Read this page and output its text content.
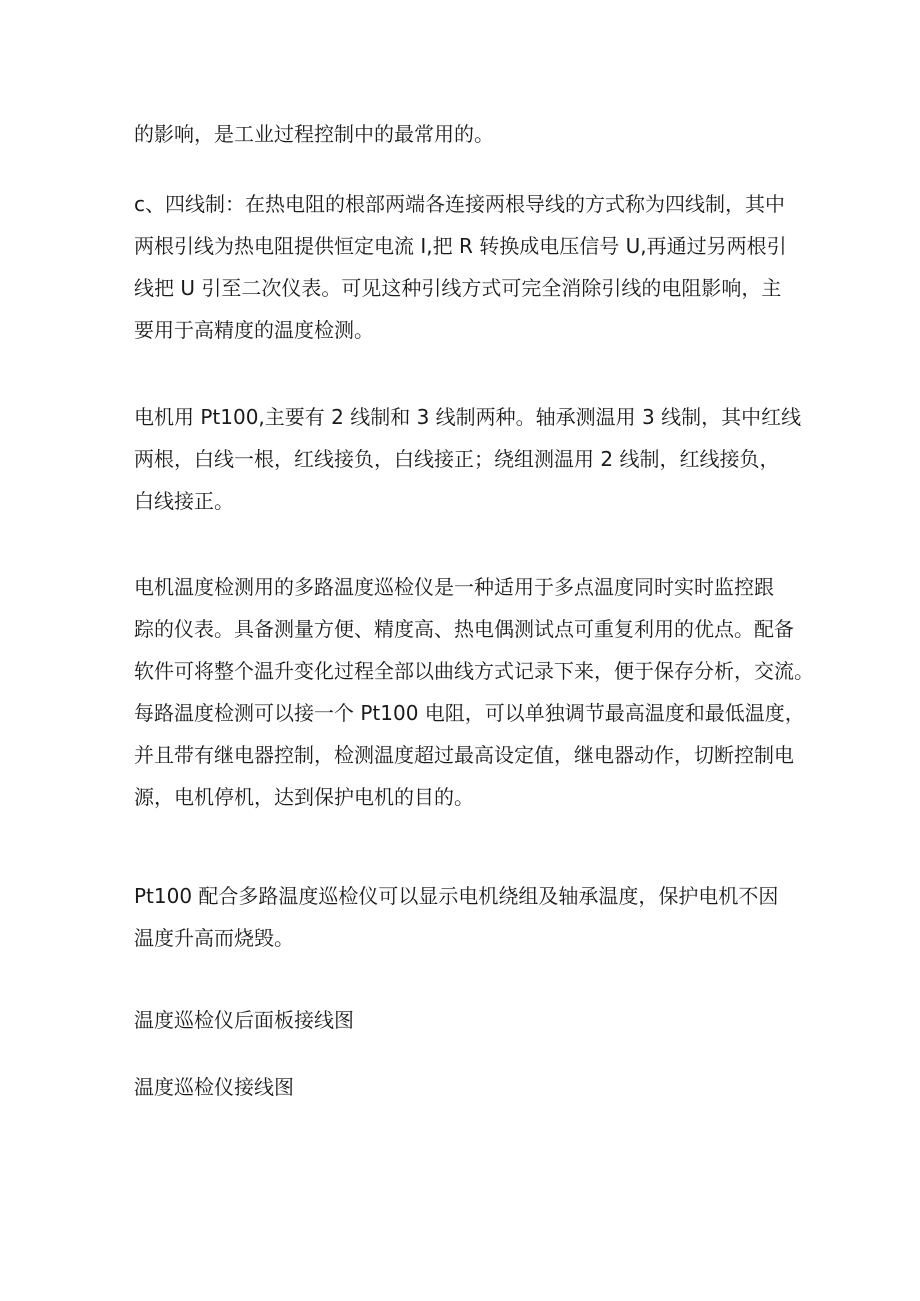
的影响，是工业过程控制中的最常用的。
c、四线制：在热电阻的根部两端各连接两根导线的方式称为四线制，其中
两根引线为热电阻提供恒定电流 I,把 R 转换成电压信号 U,再通过另两根引
线把 U 引至二次仪表。可见这种引线方式可完全消除引线的电阻影响，主
要用于高精度的温度检测。
电机用 Pt100,主要有 2 线制和 3 线制两种。轴承测温用 3 线制，其中红线
两根，白线一根，红线接负，白线接正；绕组测温用 2 线制，红线接负，
白线接正。
电机温度检测用的多路温度巡检仪是一种适用于多点温度同时实时监控跟
踪的仪表。具备测量方便、精度高、热电偶测试点可重复利用的优点。配备
软件可将整个温升变化过程全部以曲线方式记录下来，便于保存分析，交流。
每路温度检测可以接一个 Pt100 电阻，可以单独调节最高温度和最低温度，
并且带有继电器控制，检测温度超过最高设定值，继电器动作，切断控制电
源，电机停机，达到保护电机的目的。
Pt100 配合多路温度巡检仪可以显示电机绕组及轴承温度，保护电机不因
温度升高而烧毁。
温度巡检仪后面板接线图
温度巡检仪接线图
